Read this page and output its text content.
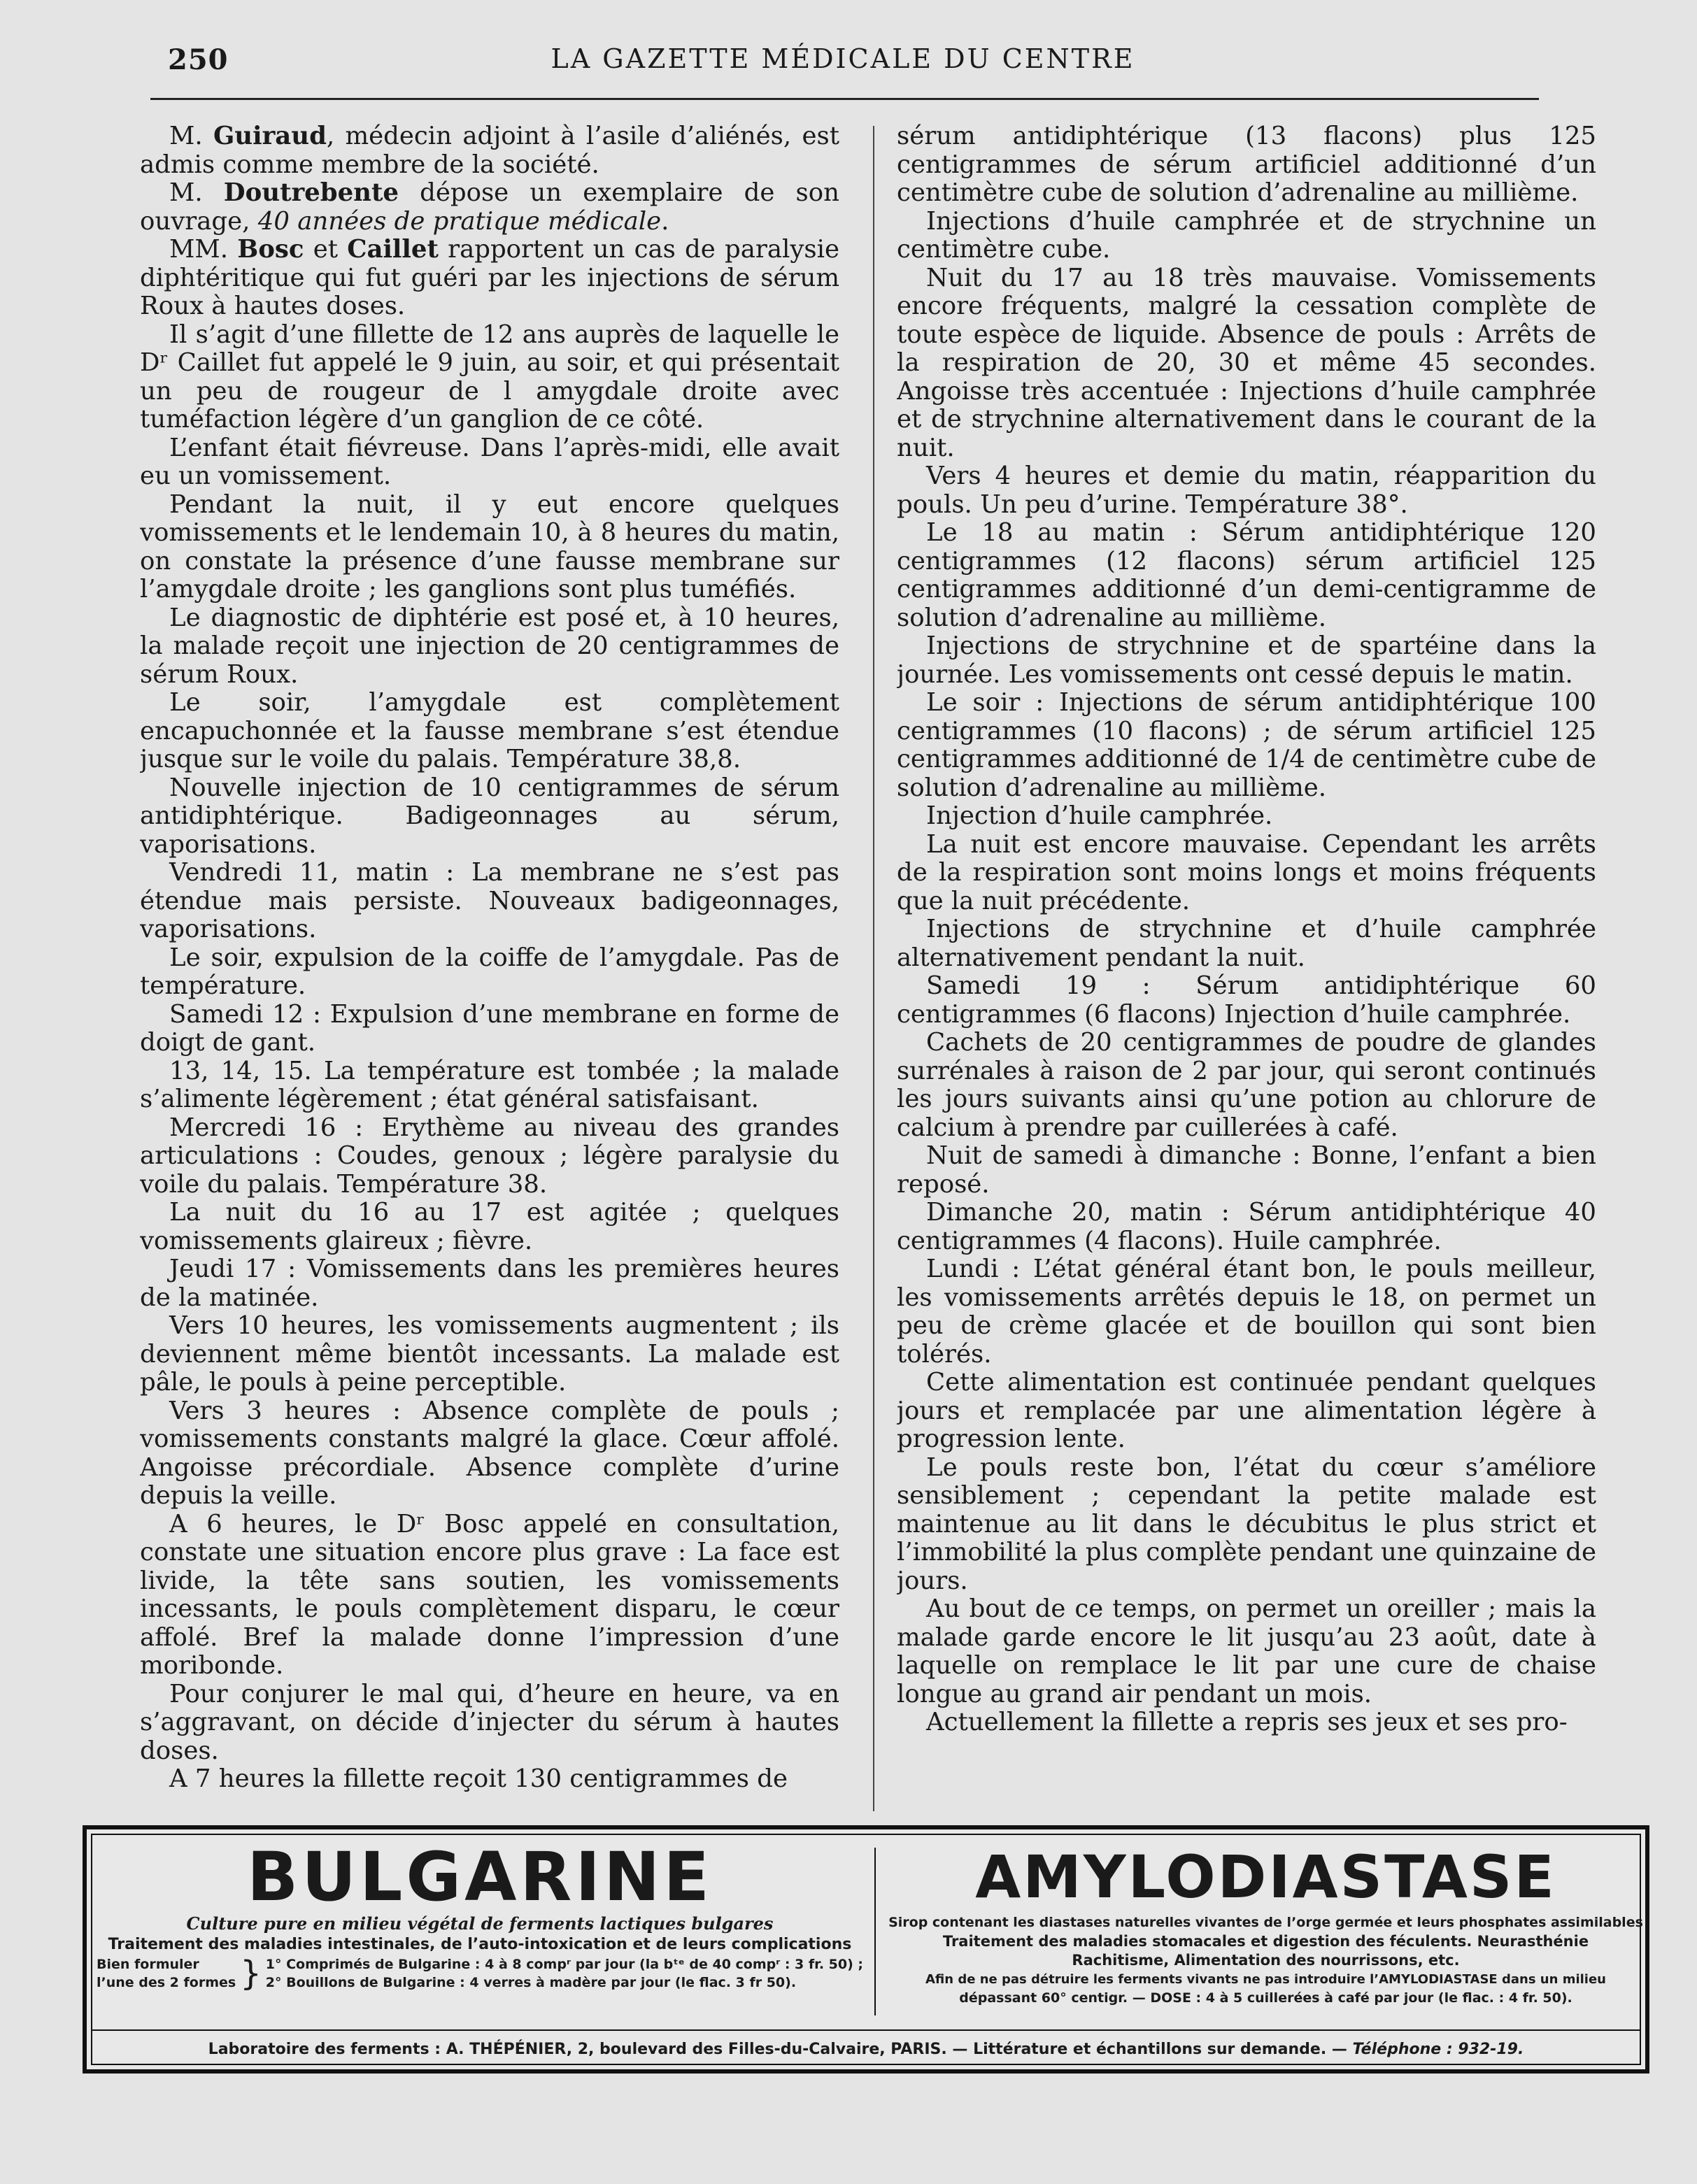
250	LA GAZETTE MÉDICALE DU CENTRE

M. Guiraud, médecin adjoint à l’asile d’aliénés, est admis comme membre de la société.

M. Doutrebente dépose un exemplaire de son ouvrage, 40 années de pratique médicale.

MM. Bosc et Caillet rapportent un cas de paralysie diphtéritique qui fut guéri par les injections de sérum Roux à hautes doses.

Il s’agit d’une fillette de 12 ans auprès de laquelle le Dʳ Caillet fut appelé le 9 juin, au soir, et qui présentait un peu de rougeur de l amygdale droite avec tuméfaction légère d’un ganglion de ce côté.

L’enfant était fiévreuse. Dans l’après-midi, elle avait eu un vomissement.

Pendant la nuit, il y eut encore quelques vomissements et le lendemain 10, à 8 heures du matin, on constate la présence d’une fausse membrane sur l’amygdale droite ; les ganglions sont plus tuméfiés.

Le diagnostic de diphtérie est posé et, à 10 heures, la malade reçoit une injection de 20 centigrammes de sérum Roux.

Le soir, l’amygdale est complètement encapuchonnée et la fausse membrane s’est étendue jusque sur le voile du palais. Température 38,8.

Nouvelle injection de 10 centigrammes de sérum antidiphtérique. Badigeonnages au sérum, vaporisations.

Vendredi 11, matin : La membrane ne s’est pas étendue mais persiste. Nouveaux badigeonnages, vaporisations.

Le soir, expulsion de la coiffe de l’amygdale. Pas de température.

Samedi 12 : Expulsion d’une membrane en forme de doigt de gant.

13, 14, 15. La température est tombée ; la malade s’alimente légèrement ; état général satisfaisant.

Mercredi 16 : Erythème au niveau des grandes articulations : Coudes, genoux ; légère paralysie du voile du palais. Température 38.

La nuit du 16 au 17 est agitée ; quelques vomissements glaireux ; fièvre.

Jeudi 17 : Vomissements dans les premières heures de la matinée.

Vers 10 heures, les vomissements augmentent ; ils deviennent même bientôt incessants. La malade est pâle, le pouls à peine perceptible.

Vers 3 heures : Absence complète de pouls ; vomissements constants malgré la glace. Cœur affolé. Angoisse précordiale. Absence complète d’urine depuis la veille.

A 6 heures, le Dʳ Bosc appelé en consultation, constate une situation encore plus grave : La face est livide, la tête sans soutien, les vomissements incessants, le pouls complètement disparu, le cœur affolé. Bref la malade donne l’impression d’une moribonde.

Pour conjurer le mal qui, d’heure en heure, va en s’aggravant, on décide d’injecter du sérum à hautes doses.

A 7 heures la fillette reçoit 130 centigrammes de

sérum antidiphtérique (13 flacons) plus 125 centigrammes de sérum artificiel additionné d’un centimètre cube de solution d’adrenaline au millième.

Injections d’huile camphrée et de strychnine un centimètre cube.

Nuit du 17 au 18 très mauvaise. Vomissements encore fréquents, malgré la cessation complète de toute espèce de liquide. Absence de pouls : Arrêts de la respiration de 20, 30 et même 45 secondes. Angoisse très accentuée : Injections d’huile camphrée et de strychnine alternativement dans le courant de la nuit.

Vers 4 heures et demie du matin, réapparition du pouls. Un peu d’urine. Température 38°.

Le 18 au matin : Sérum antidiphtérique 120 centigrammes (12 flacons) sérum artificiel 125 centigrammes additionné d’un demi-centigramme de solution d’adrenaline au millième.

Injections de strychnine et de spartéine dans la journée. Les vomissements ont cessé depuis le matin.

Le soir : Injections de sérum antidiphtérique 100 centigrammes (10 flacons) ; de sérum artificiel 125 centigrammes additionné de 1/4 de centimètre cube de solution d’adrenaline au millième.

Injection d’huile camphrée.

La nuit est encore mauvaise. Cependant les arrêts de la respiration sont moins longs et moins fréquents que la nuit précédente.

Injections de strychnine et d’huile camphrée alternativement pendant la nuit.

Samedi 19 : Sérum antidiphtérique 60 centigrammes (6 flacons) Injection d’huile camphrée.

Cachets de 20 centigrammes de poudre de glandes surrénales à raison de 2 par jour, qui seront continués les jours suivants ainsi qu’une potion au chlorure de calcium à prendre par cuillerées à café.

Nuit de samedi à dimanche : Bonne, l’enfant a bien reposé.

Dimanche 20, matin : Sérum antidiphtérique 40 centigrammes (4 flacons). Huile camphrée.

Lundi : L’état général étant bon, le pouls meilleur, les vomissements arrêtés depuis le 18, on permet un peu de crème glacée et de bouillon qui sont bien tolérés.

Cette alimentation est continuée pendant quelques jours et remplacée par une alimentation légère à progression lente.

Le pouls reste bon, l’état du cœur s’améliore sensiblement ; cependant la petite malade est maintenue au lit dans le décubitus le plus strict et l’immobilité la plus complète pendant une quinzaine de jours.

Au bout de ce temps, on permet un oreiller ; mais la malade garde encore le lit jusqu’au 23 août, date à laquelle on remplace le lit par une cure de chaise longue au grand air pendant un mois.

Actuellement la fillette a repris ses jeux et ses pro-

BULGARINE
Culture pure en milieu végétal de ferments lactiques bulgares
Traitement des maladies intestinales, de l’auto-intoxication et de leurs complications
Bien formuler
l’une des 2 formes } 1° Comprimés de Bulgarine : 4 à 8 compʳ par jour (la bᵗᵉ de 40 compʳ : 3 fr. 50) ;
2° Bouillons de Bulgarine : 4 verres à madère par jour (le flac. 3 fr 50).
AMYLODIASTASE
Sirop contenant les diastases naturelles vivantes de l’orge germée et leurs phosphates assimilables
Traitement des maladies stomacales et digestion des féculents. Neurasthénie
Rachitisme, Alimentation des nourrissons, etc.
Afin de ne pas détruire les ferments vivants ne pas introduire l’AMYLODIASTASE dans un milieu
dépassant 60° centigr. — DOSE : 4 à 5 cuillerées à café par jour (le flac. : 4 fr. 50).
Laboratoire des ferments : A. THÉPÉNIER, 2, boulevard des Filles-du-Calvaire, PARIS. — Littérature et échantillons sur demande. — Téléphone : 932-19.
